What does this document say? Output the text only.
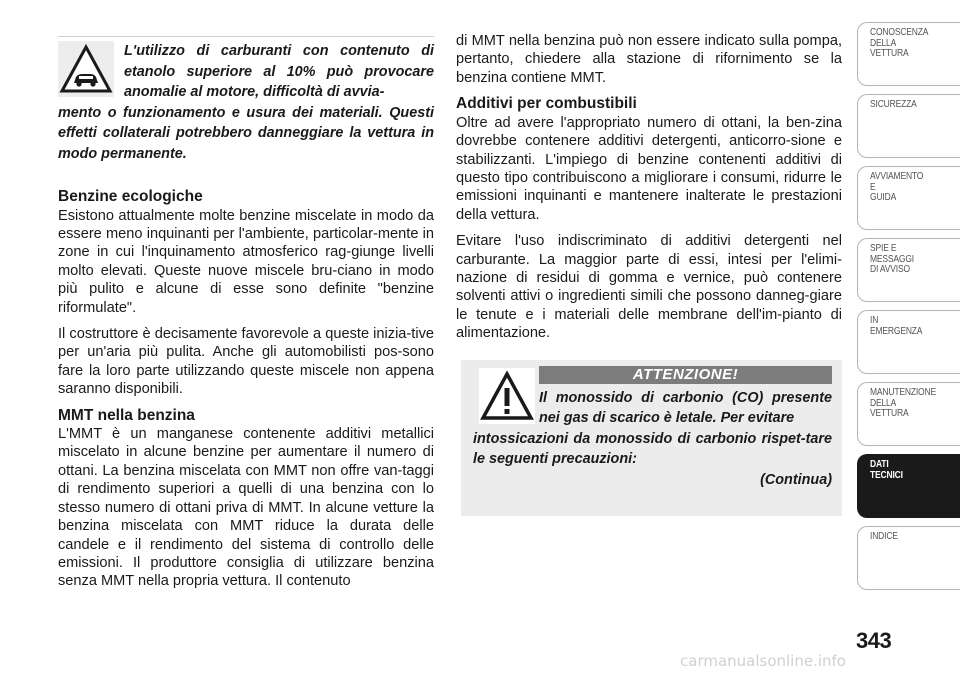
L'utilizzo di carburanti con contenuto di etanolo superiore al 10% può provocare anomalie al motore, difficoltà di avvia-
mento o funzionamento e usura dei materiali. Questi effetti collaterali potrebbero danneggiare la vettura in modo permanente.
Benzine ecologiche

Esistono attualmente molte benzine miscelate in modo da essere meno inquinanti per l'ambiente, particolar-mente in zone in cui l'inquinamento atmosferico rag-giunge livelli molto elevati. Queste nuove miscele bru-ciano in modo più pulito e alcune di esse sono definite "benzine riformulate".

Il costruttore è decisamente favorevole a queste inizia-tive per un'aria più pulita. Anche gli automobilisti pos-sono fare la loro parte utilizzando queste miscele non appena saranno disponibili.

MMT nella benzina

L'MMT è un manganese contenente additivi metallici miscelato in alcune benzine per aumentare il numero di ottani. La benzina miscelata con MMT non offre van-taggi di rendimento superiori a quelli di una benzina con lo stesso numero di ottani priva di MMT. In alcune vetture la benzina miscelata con MMT riduce la durata delle candele e il rendimento del sistema di controllo delle emissioni. Il produttore consiglia di utilizzare benzina senza MMT nella propria vettura. Il contenuto

di MMT nella benzina può non essere indicato sulla pompa, pertanto, chiedere alla stazione di rifornimento se la benzina contiene MMT.

Additivi per combustibili

Oltre ad avere l'appropriato numero di ottani, la ben-zina dovrebbe contenere additivi detergenti, anticorro-sione e stabilizzanti. L'impiego di benzine contenenti additivi di questo tipo contribuiscono a migliorare i consumi, ridurre le emissioni inquinanti e mantenere inalterate le prestazioni della vettura.

Evitare l'uso indiscriminato di additivi detergenti nel carburante. La maggior parte di essi, intesi per l'elimi-nazione di residui di gomma e vernice, può contenere solventi attivi o ingredienti simili che possono danneg-giare le tenute e i materiali delle membrane dell'im-pianto di alimentazione.

ATTENZIONE!
Il monossido di carbonio (CO) presente nei gas di scarico è letale. Per evitare
intossicazioni da monossido di carbonio rispet-tare le seguenti precauzioni:
(Continua)
CONOSCENZA
DELLA
VETTURA
SICUREZZA
AVVIAMENTO
E
GUIDA
SPIE E
MESSAGGI
DI AVVISO
IN
EMERGENZA
MANUTENZIONE
DELLA
VETTURA
DATI
TECNICI
INDICE
343
carmanualsonline.info
